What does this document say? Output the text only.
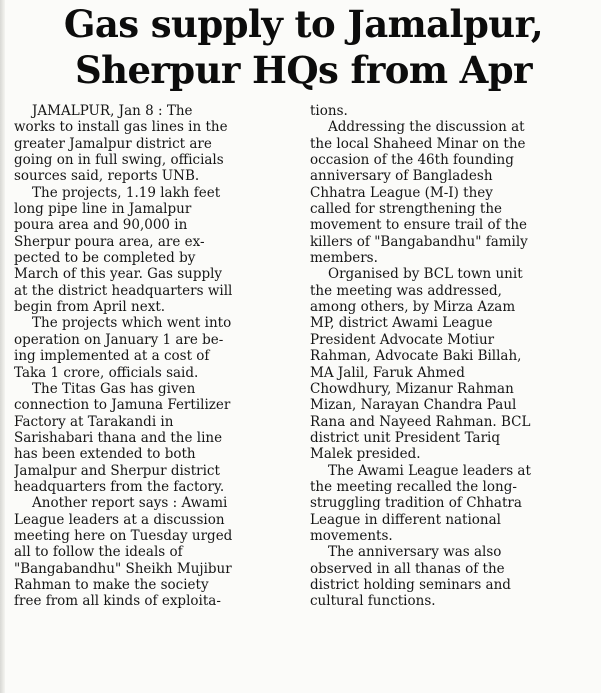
Gas supply to Jamalpur,
Sherpur HQs from Apr
JAMALPUR, Jan 8 : The
works to install gas lines in the
greater Jamalpur district are
going on in full swing, officials
sources said, reports UNB.
The projects, 1.19 lakh feet
long pipe line in Jamalpur
poura area and 90,000 in
Sherpur poura area, are ex-
pected to be completed by
March of this year. Gas supply
at the district headquarters will
begin from April next.
The projects which went into
operation on January 1 are be-
ing implemented at a cost of
Taka 1 crore, officials said.
The Titas Gas has given
connection to Jamuna Fertilizer
Factory at Tarakandi in
Sarishabari thana and the line
has been extended to both
Jamalpur and Sherpur district
headquarters from the factory.
Another report says : Awami
League leaders at a discussion
meeting here on Tuesday urged
all to follow the ideals of
"Bangabandhu" Sheikh Mujibur
Rahman to make the society
free from all kinds of exploita-
tions.
Addressing the discussion at
the local Shaheed Minar on the
occasion of the 46th founding
anniversary of Bangladesh
Chhatra League (M-I) they
called for strengthening the
movement to ensure trail of the
killers of "Bangabandhu" family
members.
Organised by BCL town unit
the meeting was addressed,
among others, by Mirza Azam
MP, district Awami League
President Advocate Motiur
Rahman, Advocate Baki Billah,
MA Jalil, Faruk Ahmed
Chowdhury, Mizanur Rahman
Mizan, Narayan Chandra Paul
Rana and Nayeed Rahman. BCL
district unit President Tariq
Malek presided.
The Awami League leaders at
the meeting recalled the long-
struggling tradition of Chhatra
League in different national
movements.
The anniversary was also
observed in all thanas of the
district holding seminars and
cultural functions.
